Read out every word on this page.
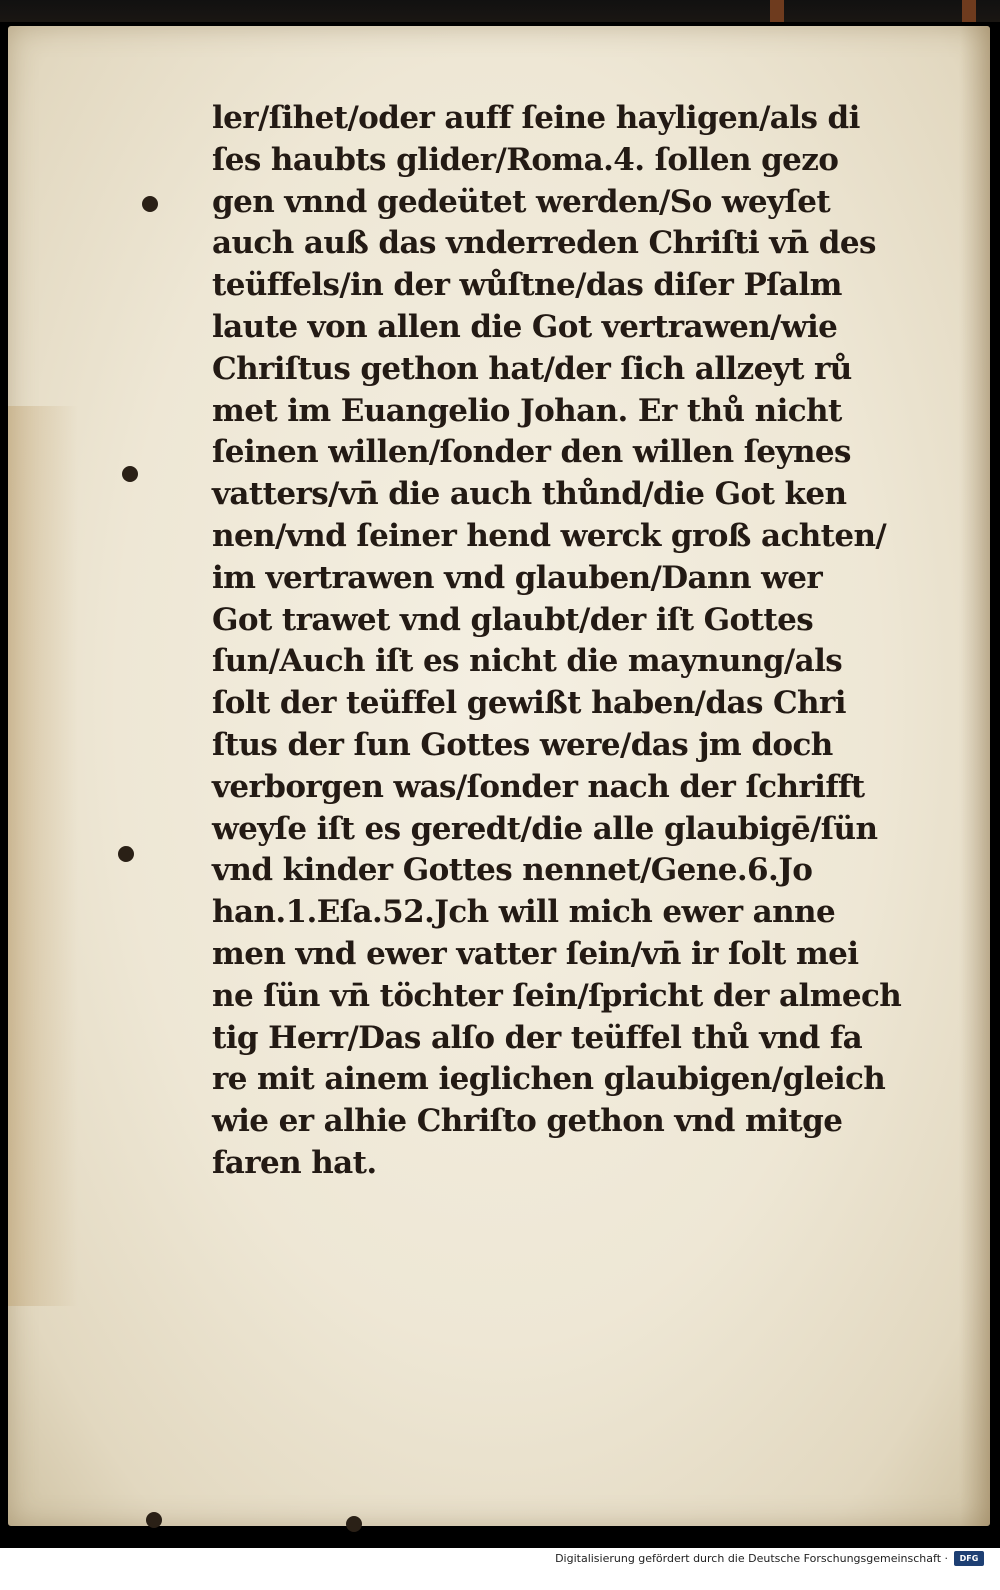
ler/ſihet/oder auff ſeine hayligen/als di
ſes haubts glider/Roma.4. ſollen gezo
gen vnnd gedeütet werden/So weyſet
auch auß das vnderreden Chriſti vn̄ des
teüffels/in der wůſtne/das diſer Pſalm
laute von allen die Got vertrawen/wie
Chriſtus gethon hat/der ſich allzeyt rů
met im Euangelio Johan. Er thů nicht
ſeinen willen/ſonder den willen ſeynes
vatters/vn̄ die auch thůnd/die Got ken
nen/vnd ſeiner hend werck groß achten/
im vertrawen vnd glauben/Dann wer
Got trawet vnd glaubt/der iſt Gottes
ſun/Auch iſt es nicht die maynung/als
ſolt der teüffel gewißt haben/das Chri
ſtus der ſun Gottes were/das jm doch
verborgen was/ſonder nach der ſchrifft
weyſe iſt es geredt/die alle glaubigē/ſün
vnd kinder Gottes nennet/Gene.6.Jo
han.1.Eſa.52.Jch will mich ewer anne
men vnd ewer vatter ſein/vn̄ ir ſolt mei
ne ſün vn̄ töchter ſein/ſpricht der almech
tig Herr/Das alſo der teüffel thů vnd fa
re mit ainem ieglichen glaubigen/gleich
wie er alhie Chriſto gethon vnd mitge
faren hat.
Digitalisierung gefördert durch die Deutsche Forschungsgemeinschaft ·	DFG
